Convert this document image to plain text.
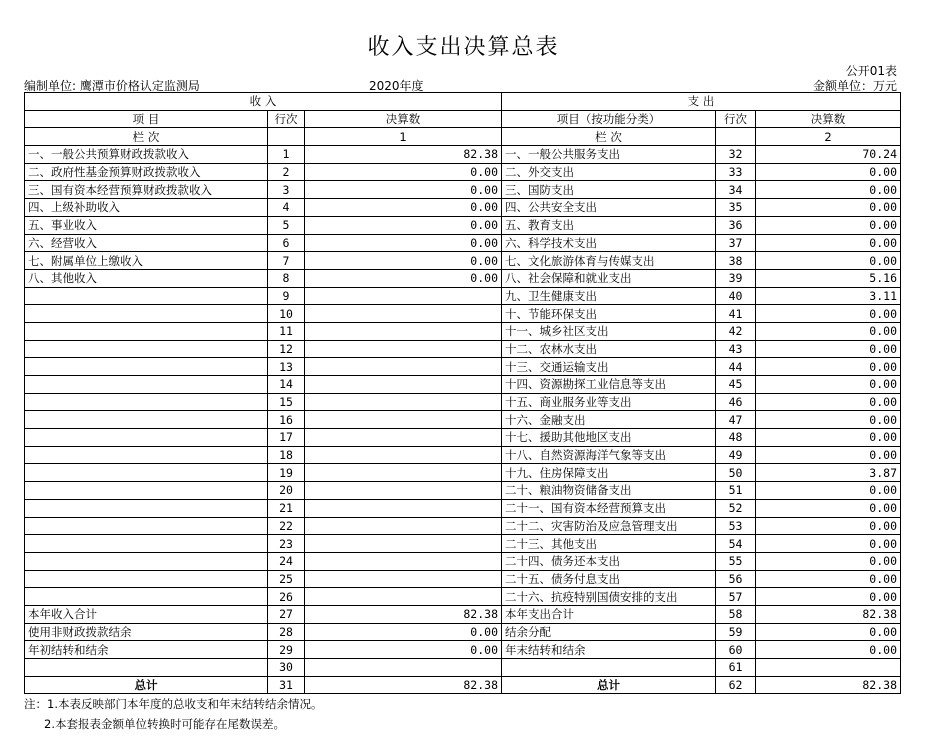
收入支出决算总表
公开01表
编制单位: 鹰潭市价格认定监测局	2020年度	金额单位：万元
收 入			支 出		
项 目	行次	决算数	项目（按功能分类）	行次	决算数
栏 次		1	栏 次		2
一、一般公共预算财政拨款收入	1	82.38	一、一般公共服务支出	32	70.24
二、政府性基金预算财政拨款收入	2	0.00	二、外交支出	33	0.00
三、国有资本经营预算财政拨款收入	3	0.00	三、国防支出	34	0.00
四、上级补助收入	4	0.00	四、公共安全支出	35	0.00
五、事业收入	5	0.00	五、教育支出	36	0.00
六、经营收入	6	0.00	六、科学技术支出	37	0.00
七、附属单位上缴收入	7	0.00	七、文化旅游体育与传媒支出	38	0.00
八、其他收入	8	0.00	八、社会保障和就业支出	39	5.16
	9		九、卫生健康支出	40	3.11
	10		十、节能环保支出	41	0.00
	11		十一、城乡社区支出	42	0.00
	12		十二、农林水支出	43	0.00
	13		十三、交通运输支出	44	0.00
	14		十四、资源勘探工业信息等支出	45	0.00
	15		十五、商业服务业等支出	46	0.00
	16		十六、金融支出	47	0.00
	17		十七、援助其他地区支出	48	0.00
	18		十八、自然资源海洋气象等支出	49	0.00
	19		十九、住房保障支出	50	3.87
	20		二十、粮油物资储备支出	51	0.00
	21		二十一、国有资本经营预算支出	52	0.00
	22		二十二、灾害防治及应急管理支出	53	0.00
	23		二十三、其他支出	54	0.00
	24		二十四、债务还本支出	55	0.00
	25		二十五、债务付息支出	56	0.00
	26		二十六、抗疫特别国债安排的支出	57	0.00
本年收入合计	27	82.38	本年支出合计	58	82.38
使用非财政拨款结余	28	0.00	结余分配	59	0.00
年初结转和结余	29	0.00	年末结转和结余	60	0.00
	30			61	
总计	31	82.38	总计	62	82.38
注：1.本表反映部门本年度的总收支和年末结转结余情况。
2.本套报表金额单位转换时可能存在尾数误差。
